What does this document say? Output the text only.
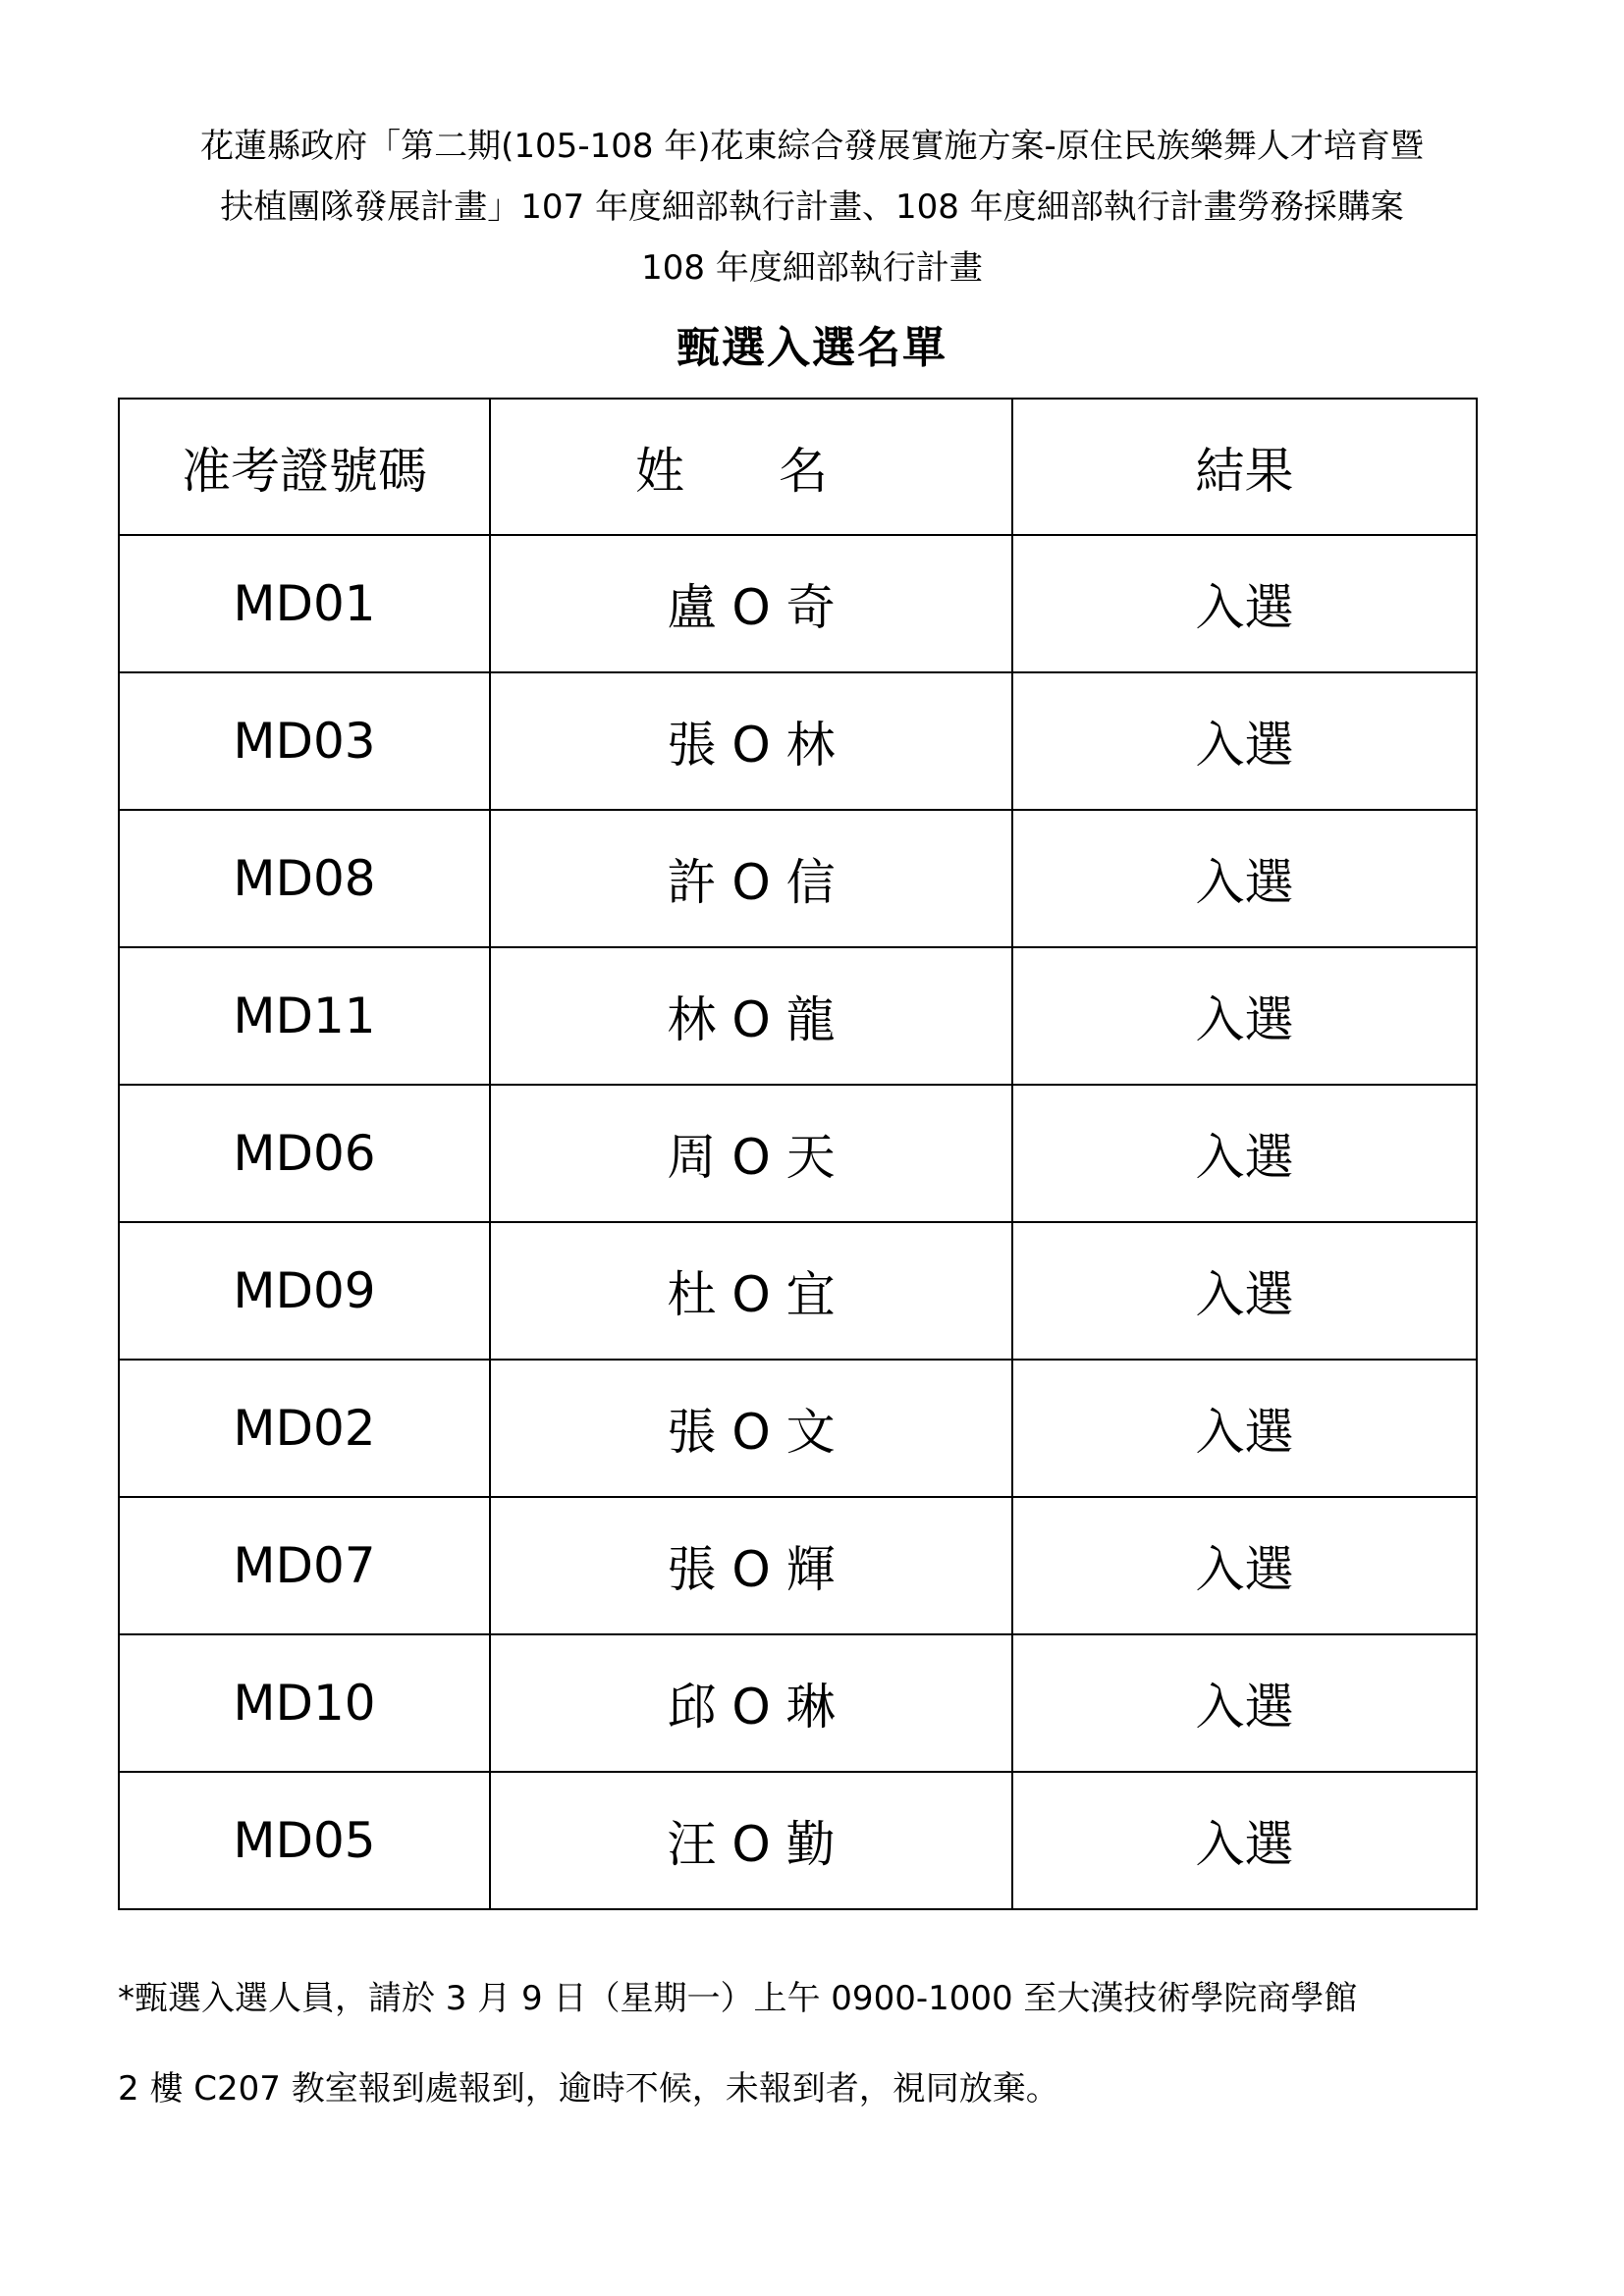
花蓮縣政府「第二期(105-108 年)花東綜合發展實施方案-原住民族樂舞人才培育暨
扶植團隊發展計畫」107 年度細部執行計畫、108 年度細部執行計畫勞務採購案
108 年度細部執行計畫
甄選入選名單
准考證號碼	姓 名	結果
MD01	盧 O 奇	入選
MD03	張 O 林	入選
MD08	許 O 信	入選
MD11	林 O 龍	入選
MD06	周 O 天	入選
MD09	杜 O 宜	入選
MD02	張 O 文	入選
MD07	張 O 輝	入選
MD10	邱 O 琳	入選
MD05	汪 O 勤	入選
*甄選入選人員，請於 3 月 9 日（星期一）上午 0900-1000 至大漢技術學院商學館
2 樓 C207 教室報到處報到，逾時不候，未報到者，視同放棄。
